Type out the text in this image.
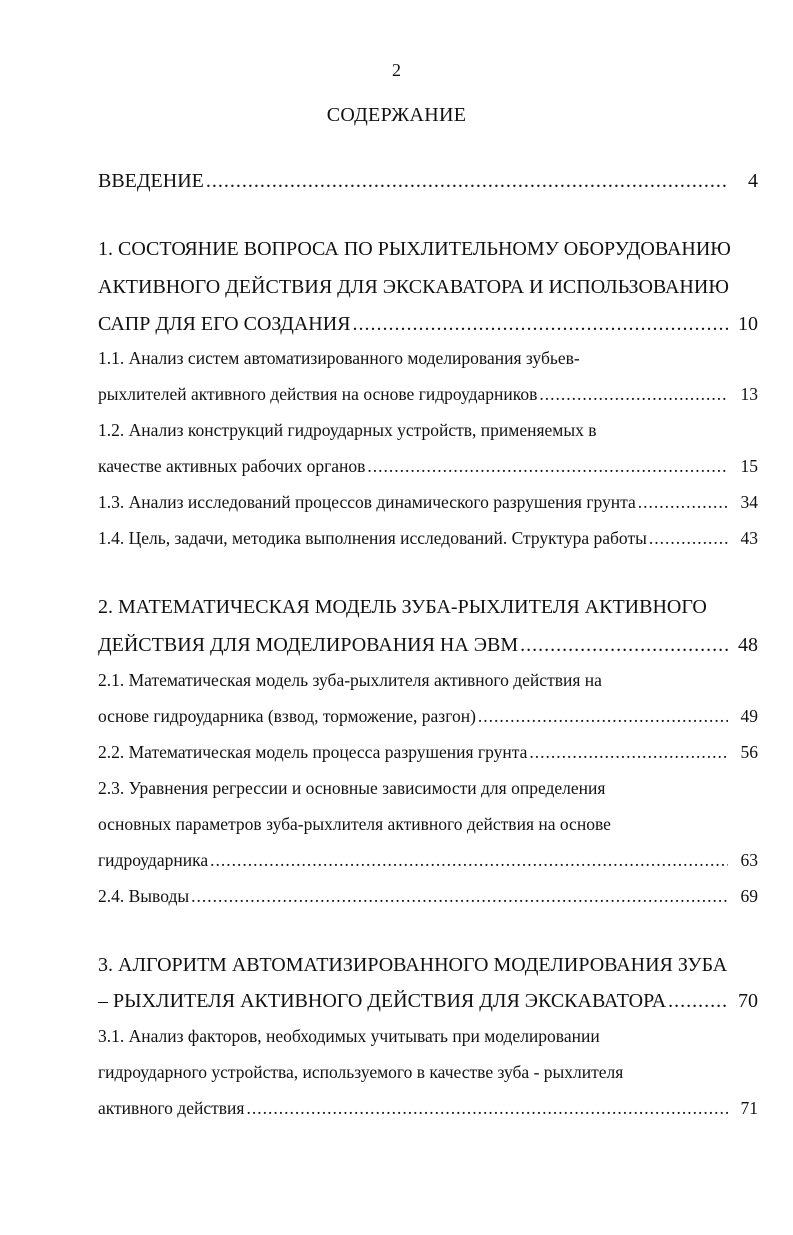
2
СОДЕРЖАНИЕ
ВВЕДЕНИЕ .....	4
1. СОСТОЯНИЕ ВОПРОСА ПО РЫХЛИТЕЛЬНОМУ ОБОРУДОВАНИЮ
АКТИВНОГО ДЕЙСТВИЯ ДЛЯ ЭКСКАВАТОРА И ИСПОЛЬЗОВАНИЮ
САПР ДЛЯ ЕГО СОЗДАНИЯ .....	10
1.1. Анализ систем автоматизированного моделирования зубьев-
рыхлителей активного действия на основе гидроударников .....	13
1.2. Анализ конструкций гидроударных устройств, применяемых в
качестве активных рабочих органов .....	15
1.3. Анализ исследований процессов динамического разрушения грунта .....	34
1.4. Цель, задачи, методика выполнения исследований. Структура работы .....	43
2. МАТЕМАТИЧЕСКАЯ МОДЕЛЬ ЗУБА-РЫХЛИТЕЛЯ АКТИВНОГО
ДЕЙСТВИЯ ДЛЯ МОДЕЛИРОВАНИЯ НА ЭВМ .....	48
2.1. Математическая модель зуба-рыхлителя активного действия на
основе гидроударника (взвод, торможение, разгон) .....	49
2.2. Математическая модель процесса разрушения грунта .....	56
2.3. Уравнения регрессии и основные зависимости для определения
основных параметров зуба-рыхлителя активного действия на основе
гидроударника .....	63
2.4. Выводы .....	69
3. АЛГОРИТМ АВТОМАТИЗИРОВАННОГО МОДЕЛИРОВАНИЯ ЗУБА
– РЫХЛИТЕЛЯ АКТИВНОГО ДЕЙСТВИЯ ДЛЯ ЭКСКАВАТОРА .....	70
3.1. Анализ факторов, необходимых учитывать при моделировании
гидроударного устройства, используемого в качестве зуба - рыхлителя
активного действия .....	71
